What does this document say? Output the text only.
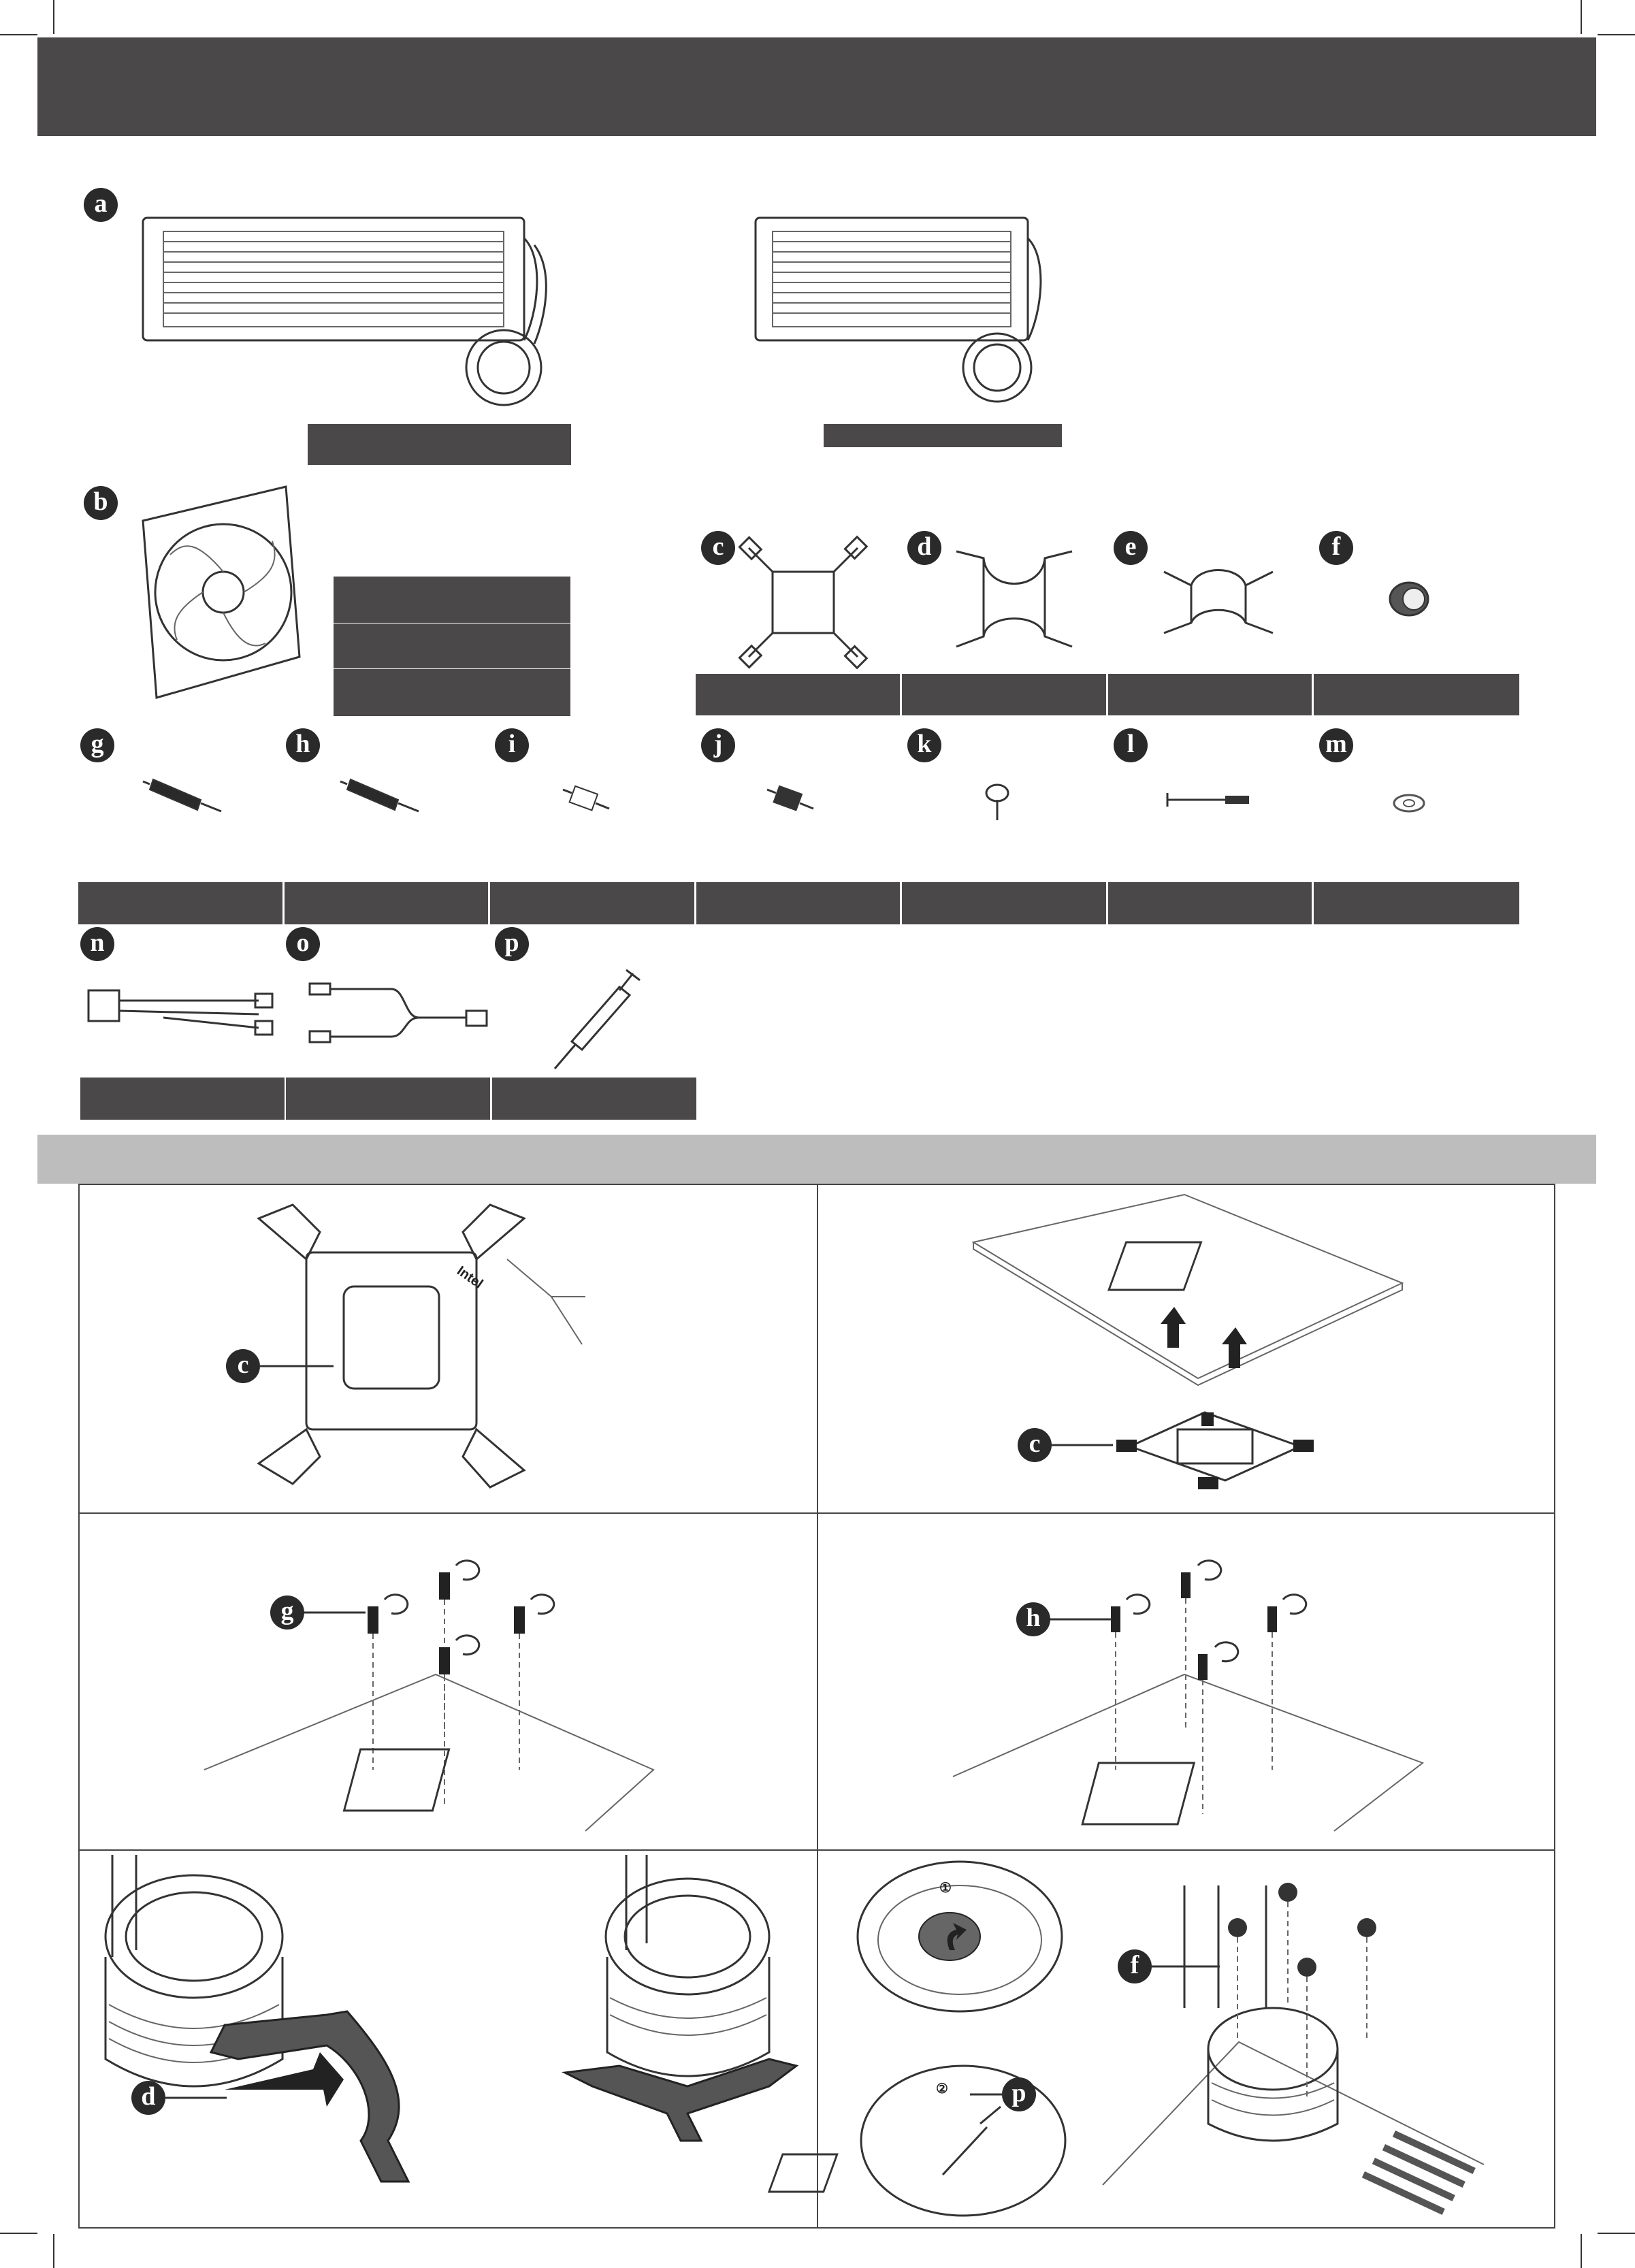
a
b
c	d	e	f
g	h	i	j	k	l	m
n	o	p
Intel
c
c
g	h
d
①
②	p
f
